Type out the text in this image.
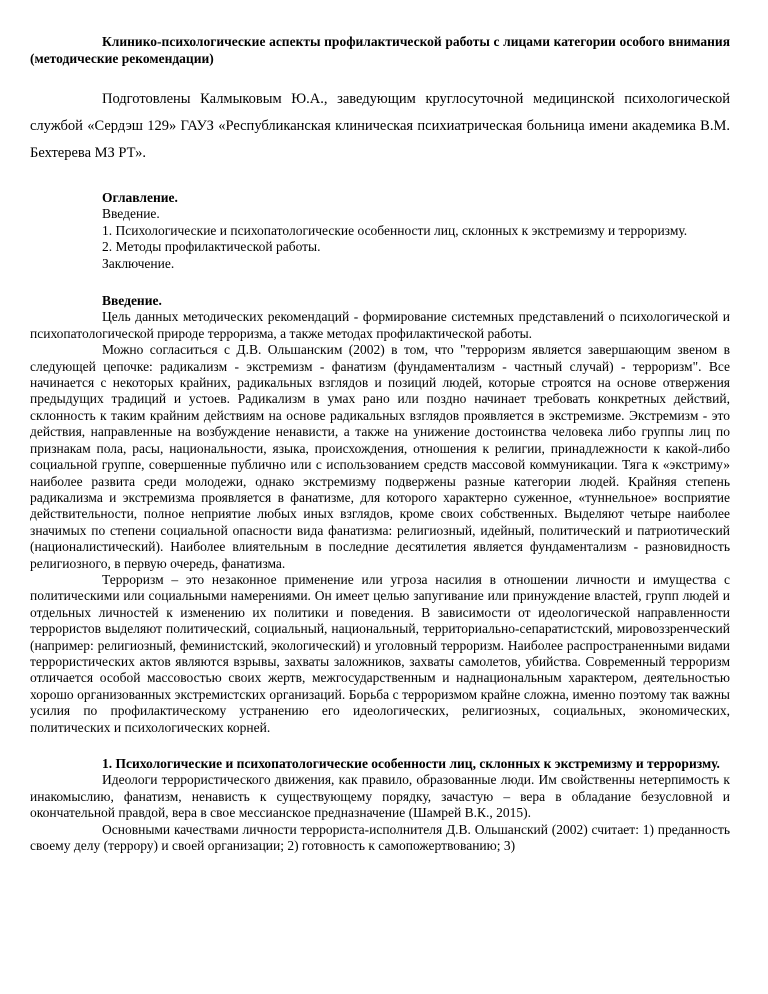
Клинико-психологические аспекты профилактической работы с лицами категории особого внимания (методические рекомендации)

Подготовлены Калмыковым Ю.А., заведующим круглосуточной медицинской психологической службой «Сердэш 129» ГАУЗ «Республиканская клиническая психиатрическая больница имени академика В.М. Бехтерева МЗ РТ».

Оглавление.

Введение.

1. Психологические и психопатологические особенности лиц, склонных к экстремизму и терроризму.

2. Методы профилактической работы.

Заключение.

Введение.

Цель данных методических рекомендаций - формирование системных представлений о психологической и психопатологической природе терроризма, а также методах профилактической работы.

Можно согласиться с Д.В. Ольшанским (2002) в том, что "терроризм является завершающим звеном в следующей цепочке: радикализм - экстремизм - фанатизм (фундаментализм - частный случай) - терроризм". Все начинается с некоторых крайних, радикальных взглядов и позиций людей, которые строятся на основе отвержения предыдущих традиций и устоев. Радикализм в умах рано или поздно начинает требовать конкретных действий, склонность к таким крайним действиям на основе радикальных взглядов проявляется в экстремизме. Экстремизм - это действия, направленные на возбуждение ненависти, а также на унижение достоинства человека либо группы лиц по признакам пола, расы, национальности, языка, происхождения, отношения к религии, принадлежности к какой-либо социальной группе, совершенные публично или с использованием средств массовой коммуникации. Тяга к «экстриму» наиболее развита среди молодежи, однако экстремизму подвержены разные категории людей. Крайняя степень радикализма и экстремизма проявляется в фанатизме, для которого характерно суженное, «туннельное» восприятие действительности, полное неприятие любых иных взглядов, кроме своих собственных. Выделяют четыре наиболее значимых по степени социальной опасности вида фанатизма: религиозный, идейный, политический и патриотический (националистический). Наиболее влиятельным в последние десятилетия является фундаментализм - разновидность религиозного, в первую очередь, фанатизма.

Терроризм – это незаконное применение или угроза насилия в отношении личности и имущества с политическими или социальными намерениями. Он имеет целью запугивание или принуждение властей, групп людей и отдельных личностей к изменению их политики и поведения. В зависимости от идеологической направленности террористов выделяют политический, социальный, национальный, территориально-сепаратистский, мировоззренческий (например: религиозный, феминистский, экологический) и уголовный терроризм. Наиболее распространенными видами террористических актов являются взрывы, захваты заложников, захваты самолетов, убийства. Современный терроризм отличается особой массовостью своих жертв, межгосударственным и наднациональным характером, деятельностью хорошо организованных экстремистских организаций. Борьба с терроризмом крайне сложна, именно поэтому так важны усилия по профилактическому устранению его идеологических, религиозных, социальных, экономических, политических и психологических корней.

1. Психологические и психопатологические особенности лиц, склонных к экстремизму и терроризму.

Идеологи террористического движения, как правило, образованные люди. Им свойственны нетерпимость к инакомыслию, фанатизм, ненависть к существующему порядку, зачастую – вера в обладание безусловной и окончательной правдой, вера в свое мессианское предназначение (Шамрей В.К., 2015).

Основными качествами личности террориста-исполнителя Д.В. Ольшанский (2002) считает: 1) преданность своему делу (террору) и своей организации; 2) готовность к самопожертвованию; 3)
